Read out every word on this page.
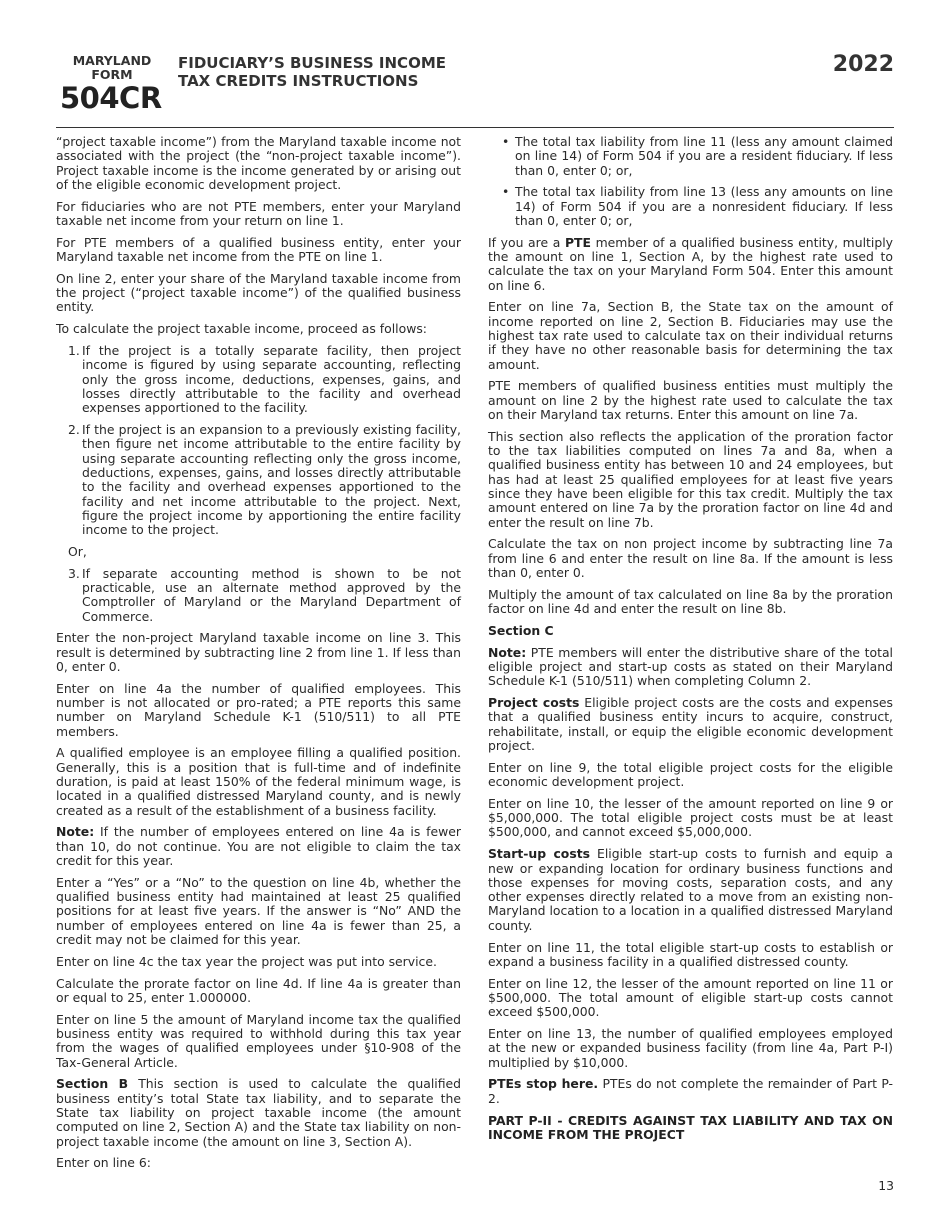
MARYLAND
FORM
504CR
FIDUCIARY’S BUSINESS INCOME
TAX CREDITS INSTRUCTIONS
2022

“project taxable income”) from the Maryland taxable income not associated with the project (the “non-project taxable income”). Project taxable income is the income generated by or arising out of the eligible economic development project.

For fiduciaries who are not PTE members, enter your Maryland taxable net income from your return on line 1.

For PTE members of a qualified business entity, enter your Maryland taxable net income from the PTE on line 1.

On line 2, enter your share of the Maryland taxable income from the project (“project taxable income”) of the qualified business entity.

To calculate the project taxable income, proceed as follows:

1. If the project is a totally separate facility, then project income is figured by using separate accounting, reflecting only the gross income, deductions, expenses, gains, and losses directly attributable to the facility and overhead expenses apportioned to the facility.
2. If the project is an expansion to a previously existing facility, then figure net income attributable to the entire facility by using separate accounting reflecting only the gross income, deductions, expenses, gains, and losses directly attributable to the facility and overhead expenses apportioned to the facility and net income attributable to the project. Next, figure the project income by apportioning the entire facility income to the project.

Or,

3. If separate accounting method is shown to be not practicable, use an alternate method approved by the Comptroller of Maryland or the Maryland Department of Commerce.

Enter the non-project Maryland taxable income on line 3. This result is determined by subtracting line 2 from line 1. If less than 0, enter 0.

Enter on line 4a the number of qualified employees. This number is not allocated or pro-rated; a PTE reports this same number on Maryland Schedule K-1 (510/511) to all PTE members.

A qualified employee is an employee filling a qualified position. Generally, this is a position that is full-time and of indefinite duration, is paid at least 150% of the federal minimum wage, is located in a qualified distressed Maryland county, and is newly created as a result of the establishment of a business facility.

Note: If the number of employees entered on line 4a is fewer than 10, do not continue. You are not eligible to claim the tax credit for this year.

Enter a “Yes” or a “No” to the question on line 4b, whether the qualified business entity had maintained at least 25 qualified positions for at least five years. If the answer is “No” AND the number of employees entered on line 4a is fewer than 25, a credit may not be claimed for this year.

Enter on line 4c the tax year the project was put into service.

Calculate the prorate factor on line 4d. If line 4a is greater than or equal to 25, enter 1.000000.

Enter on line 5 the amount of Maryland income tax the qualified business entity was required to withhold during this tax year from the wages of qualified employees under §10-908 of the Tax-General Article.

Section B This section is used to calculate the qualified business entity’s total State tax liability, and to separate the State tax liability on project taxable income (the amount computed on line 2, Section A) and the State tax liability on non-project taxable income (the amount on line 3, Section A).

Enter on line 6:

• The total tax liability from line 11 (less any amount claimed on line 14) of Form 504 if you are a resident fiduciary. If less than 0, enter 0; or,
• The total tax liability from line 13 (less any amounts on line 14) of Form 504 if you are a nonresident fiduciary. If less than 0, enter 0; or,

If you are a PTE member of a qualified business entity, multiply the amount on line 1, Section A, by the highest rate used to calculate the tax on your Maryland Form 504. Enter this amount on line 6.

Enter on line 7a, Section B, the State tax on the amount of income reported on line 2, Section B. Fiduciaries may use the highest tax rate used to calculate tax on their individual returns if they have no other reasonable basis for determining the tax amount.

PTE members of qualified business entities must multiply the amount on line 2 by the highest rate used to calculate the tax on their Maryland tax returns. Enter this amount on line 7a.

This section also reflects the application of the proration factor to the tax liabilities computed on lines 7a and 8a, when a qualified business entity has between 10 and 24 employees, but has had at least 25 qualified employees for at least five years since they have been eligible for this tax credit. Multiply the tax amount entered on line 7a by the proration factor on line 4d and enter the result on line 7b.

Calculate the tax on non project income by subtracting line 7a from line 6 and enter the result on line 8a. If the amount is less than 0, enter 0.

Multiply the amount of tax calculated on line 8a by the proration factor on line 4d and enter the result on line 8b.

Section C

Note: PTE members will enter the distributive share of the total eligible project and start-up costs as stated on their Maryland Schedule K-1 (510/511) when completing Column 2.

Project costs Eligible project costs are the costs and expenses that a qualified business entity incurs to acquire, construct, rehabilitate, install, or equip the eligible economic development project.

Enter on line 9, the total eligible project costs for the eligible economic development project.

Enter on line 10, the lesser of the amount reported on line 9 or $5,000,000. The total eligible project costs must be at least $500,000, and cannot exceed $5,000,000.

Start-up costs Eligible start-up costs to furnish and equip a new or expanding location for ordinary business functions and those expenses for moving costs, separation costs, and any other expenses directly related to a move from an existing non-Maryland location to a location in a qualified distressed Maryland county.

Enter on line 11, the total eligible start-up costs to establish or expand a business facility in a qualified distressed county.

Enter on line 12, the lesser of the amount reported on line 11 or $500,000. The total amount of eligible start-up costs cannot exceed $500,000.

Enter on line 13, the number of qualified employees employed at the new or expanded business facility (from line 4a, Part P-I) multiplied by $10,000.

PTEs stop here. PTEs do not complete the remainder of Part P-2.

PART P-II - CREDITS AGAINST TAX LIABILITY AND TAX ON INCOME FROM THE PROJECT

13
